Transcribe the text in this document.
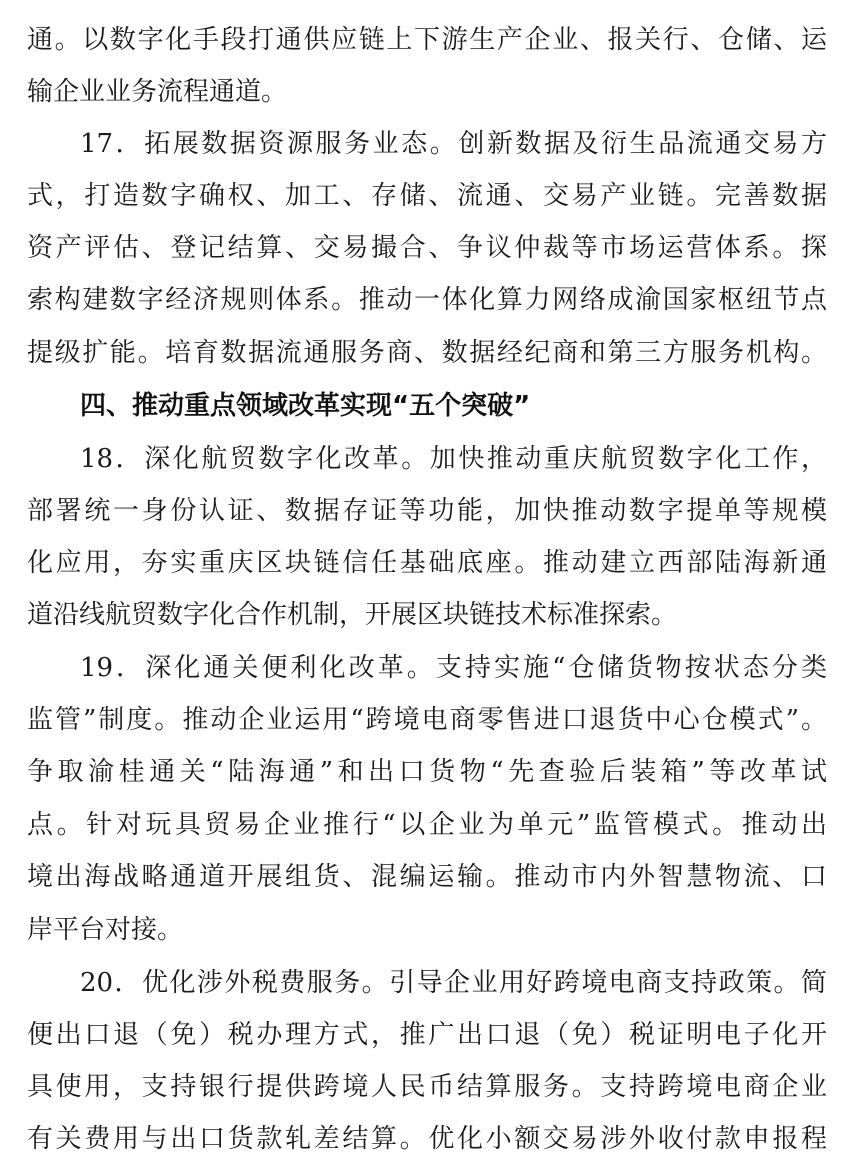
通。以数字化手段打通供应链上下游生产企业、报关行、仓储、运
输企业业务流程通道。
17．拓展数据资源服务业态。创新数据及衍生品流通交易方
式，打造数字确权、加工、存储、流通、交易产业链。完善数据
资产评估、登记结算、交易撮合、争议仲裁等市场运营体系。探
索构建数字经济规则体系。推动一体化算力网络成渝国家枢纽节点
提级扩能。培育数据流通服务商、数据经纪商和第三方服务机构。
四、推动重点领域改革实现“五个突破”
18．深化航贸数字化改革。加快推动重庆航贸数字化工作，
部署统一身份认证、数据存证等功能，加快推动数字提单等规模
化应用，夯实重庆区块链信任基础底座。推动建立西部陆海新通
道沿线航贸数字化合作机制，开展区块链技术标准探索。
19．深化通关便利化改革。支持实施“仓储货物按状态分类
监管”制度。推动企业运用“跨境电商零售进口退货中心仓模式”。
争取渝桂通关“陆海通”和出口货物“先查验后装箱”等改革试
点。针对玩具贸易企业推行“以企业为单元”监管模式。推动出
境出海战略通道开展组货、混编运输。推动市内外智慧物流、口
岸平台对接。
20．优化涉外税费服务。引导企业用好跨境电商支持政策。简
便出口退（免）税办理方式，推广出口退（免）税证明电子化开
具使用，支持银行提供跨境人民币结算服务。支持跨境电商企业
有关费用与出口货款轧差结算。优化小额交易涉外收付款申报程
